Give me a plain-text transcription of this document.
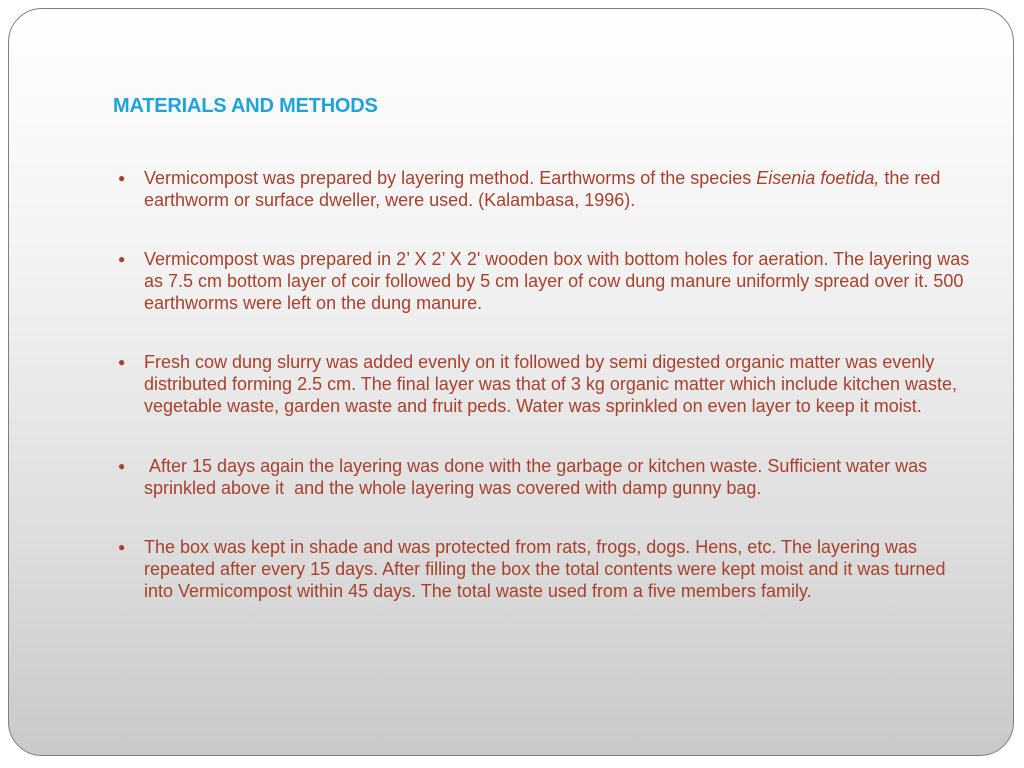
MATERIALS AND METHODS
● Vermicompost was prepared by layering method. Earthworms of the species Eisenia foetida, the red earthworm or surface dweller, were used. (Kalambasa, 1996).
● Vermicompost was prepared in 2’ X 2’ X 2' wooden box with bottom holes for aeration. The layering was as 7.5 cm bottom layer of coir followed by 5 cm layer of cow dung manure uniformly spread over it. 500 earthworms were left on the dung manure.
● Fresh cow dung slurry was added evenly on it followed by semi digested organic matter was evenly distributed forming 2.5 cm. The final layer was that of 3 kg organic matter which include kitchen waste, vegetable waste, garden waste and fruit peds. Water was sprinkled on even layer to keep it moist.
● After 15 days again the layering was done with the garbage or kitchen waste. Sufficient water was sprinkled above it  and the whole layering was covered with damp gunny bag.
● The box was kept in shade and was protected from rats, frogs, dogs. Hens, etc. The layering was repeated after every 15 days. After filling the box the total contents were kept moist and it was turned into Vermicompost within 45 days. The total waste used from a five members family.
